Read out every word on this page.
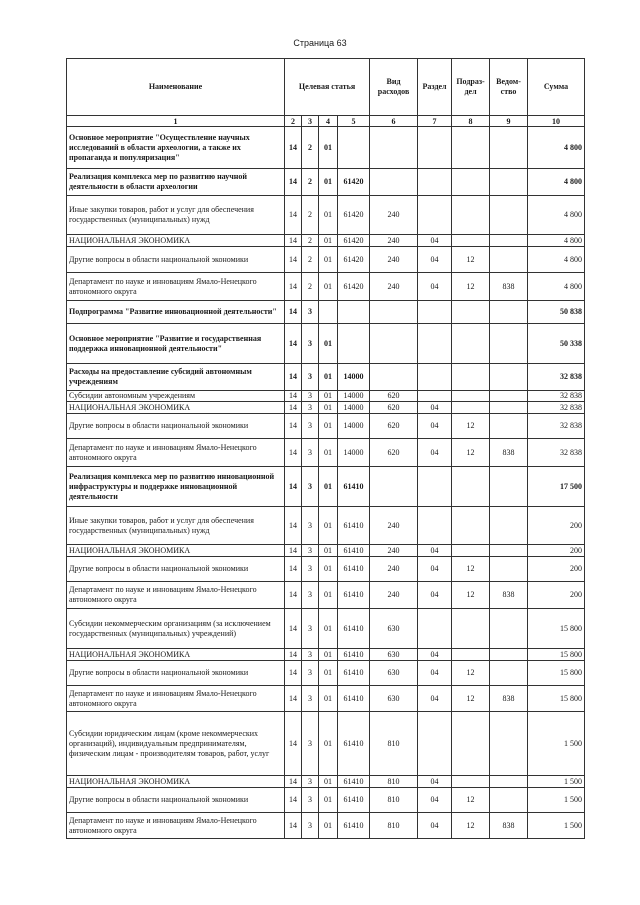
Страница 63
Наименование	Целевая статья				Вид расходов	Раздел	Подраз-дел	Ведом-ство	Сумма
1	2	3	4	5	6	7	8	9	10
Основное мероприятие "Осуществление научных исследований в области археологии, а также их пропаганда и популяризация"	14	2	01						4 800
Реализация комплекса мер по развитию научной деятельности в области археологии	14	2	01	61420					4 800
Иные закупки товаров, работ и услуг для обеспечения государственных (муниципальных) нужд	14	2	01	61420	240				4 800
НАЦИОНАЛЬНАЯ ЭКОНОМИКА	14	2	01	61420	240	04			4 800
Другие вопросы в области национальной экономики	14	2	01	61420	240	04	12		4 800
Департамент по науке и инновациям Ямало-Ненецкого автономного округа	14	2	01	61420	240	04	12	838	4 800
Подпрограмма "Развитие инновационной деятельности"	14	3							50 838
Основное мероприятие "Развитие и государственная поддержка инновационной деятельности"	14	3	01						50 338
Расходы на предоставление субсидий автономным учреждениям	14	3	01	14000					32 838
Субсидии автономным учреждениям	14	3	01	14000	620				32 838
НАЦИОНАЛЬНАЯ ЭКОНОМИКА	14	3	01	14000	620	04			32 838
Другие вопросы в области национальной экономики	14	3	01	14000	620	04	12		32 838
Департамент по науке и инновациям Ямало-Ненецкого автономного округа	14	3	01	14000	620	04	12	838	32 838
Реализация комплекса мер по развитию инновационной инфраструктуры и поддержке инновационной деятельности	14	3	01	61410					17 500
Иные закупки товаров, работ и услуг для обеспечения государственных (муниципальных) нужд	14	3	01	61410	240				200
НАЦИОНАЛЬНАЯ ЭКОНОМИКА	14	3	01	61410	240	04			200
Другие вопросы в области национальной экономики	14	3	01	61410	240	04	12		200
Департамент по науке и инновациям Ямало-Ненецкого автономного округа	14	3	01	61410	240	04	12	838	200
Субсидии некоммерческим организациям (за исключением государственных (муниципальных) учреждений)	14	3	01	61410	630				15 800
НАЦИОНАЛЬНАЯ ЭКОНОМИКА	14	3	01	61410	630	04			15 800
Другие вопросы в области национальной экономики	14	3	01	61410	630	04	12		15 800
Департамент по науке и инновациям Ямало-Ненецкого автономного округа	14	3	01	61410	630	04	12	838	15 800
Субсидии юридическим лицам (кроме некоммерческих организаций), индивидуальным предпринимателям, физическим лицам - производителям товаров, работ, услуг	14	3	01	61410	810				1 500
НАЦИОНАЛЬНАЯ ЭКОНОМИКА	14	3	01	61410	810	04			1 500
Другие вопросы в области национальной экономики	14	3	01	61410	810	04	12		1 500
Департамент по науке и инновациям Ямало-Ненецкого автономного округа	14	3	01	61410	810	04	12	838	1 500
